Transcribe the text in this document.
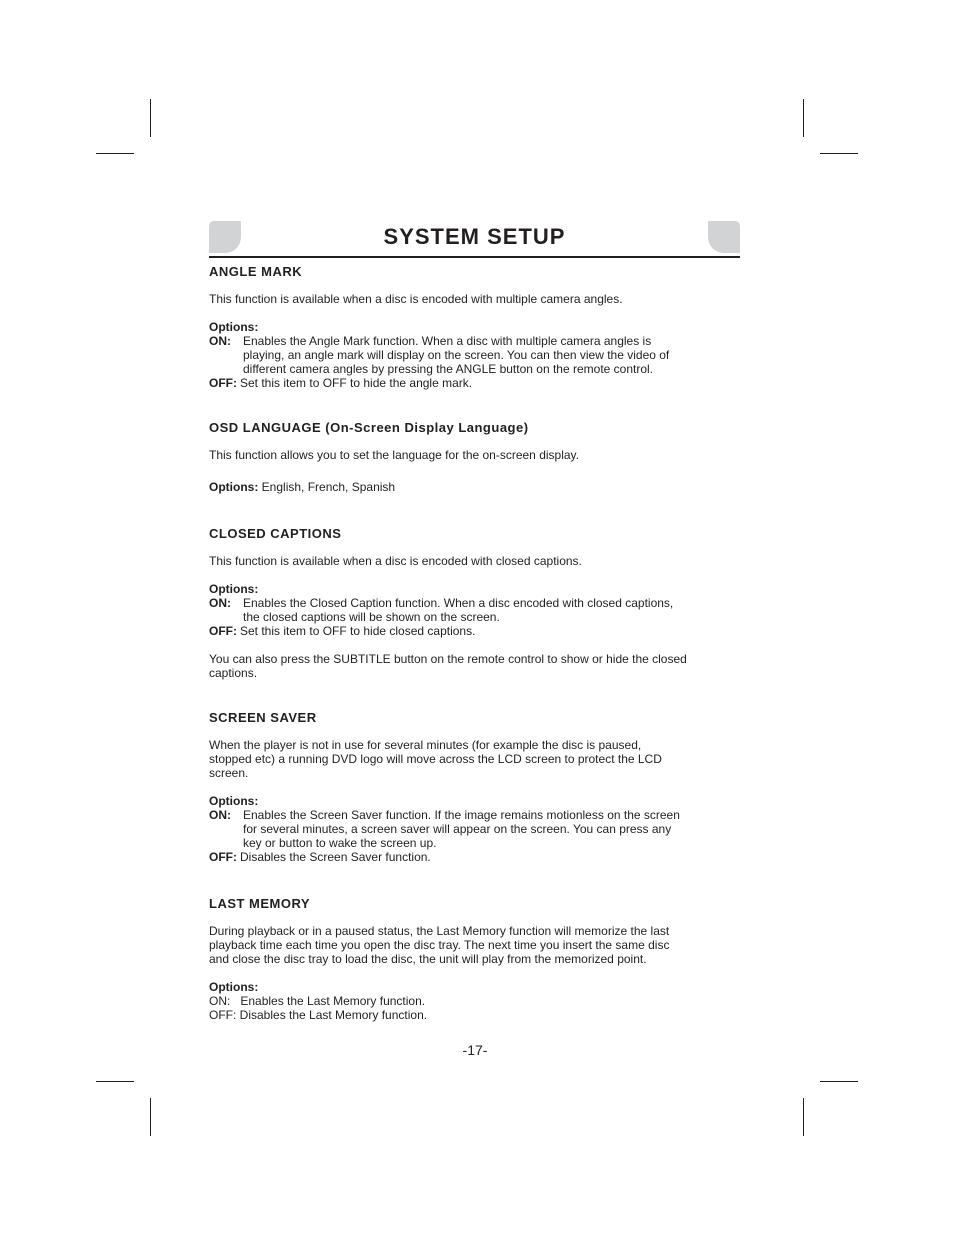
SYSTEM SETUP
ANGLE MARK

This function is available when a disc is encoded with multiple camera angles.

Options:

ON:	Enables the Angle Mark function. When a disc with multiple camera angles is

playing, an angle mark will display on the screen. You can then view the video of

different camera angles by pressing the ANGLE button on the remote control.

OFF: Set this item to OFF to hide the angle mark.
OSD LANGUAGE (On-Screen Display Language)

This function allows you to set the language for the on-screen display.

Options: English, French, Spanish

CLOSED CAPTIONS

This function is available when a disc is encoded with closed captions.

Options:

ON:	Enables the Closed Caption function. When a disc encoded with closed captions,

the closed captions will be shown on the screen.

OFF: Set this item to OFF to hide closed captions.

You can also press the SUBTITLE button on the remote control to show or hide the closed

captions.

SCREEN SAVER

When the player is not in use for several minutes (for example the disc is paused,

stopped etc) a running DVD logo will move across the LCD screen to protect the LCD

screen.

Options:

ON:	Enables the Screen Saver function. If the image remains motionless on the screen

for several minutes, a screen saver will appear on the screen. You can press any

key or button to wake the screen up.

OFF: Disables the Screen Saver function.
LAST MEMORY

During playback or in a paused status, the Last Memory function will memorize the last

playback time each time you open the disc tray. The next time you insert the same disc

and close the disc tray to load the disc, the unit will play from the memorized point.

Options:

ON:   Enables the Last Memory function.

OFF: Disables the Last Memory function.

-17-
